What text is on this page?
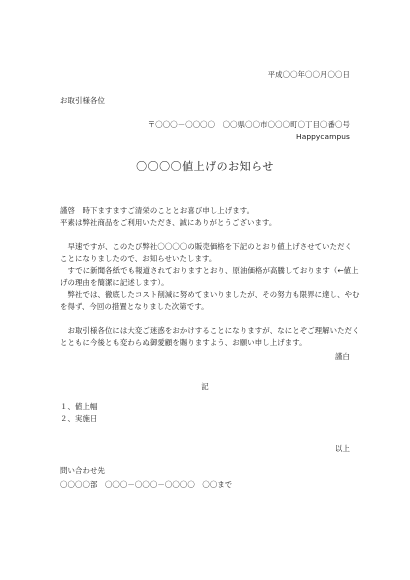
平成〇〇年〇〇月〇〇日
お取引様各位
〒〇〇〇－〇〇〇〇　〇〇県〇〇市〇〇〇町〇丁目〇番〇号
Happycampus
〇〇〇〇値上げのお知らせ
謹啓　時下ますますご清栄のこととお喜び申し上げます。
平素は弊社商品をご利用いただき、誠にありがとうございます。
　早速ですが、このたび弊社〇〇〇〇の販売価格を下記のとおり値上げさせていただく
ことになりましたので、お知らせいたします。
　すでに新聞各紙でも報道されておりますとおり、原油価格が高騰しております（←値上
げの理由を簡潔に記述します）。
　弊社では、徹底したコスト削減に努めてまいりましたが、その努力も限界に達し、やむ
を得ず、今回の措置となりました次第です。
　お取引様各位には大変ご迷惑をおかけすることになりますが、なにとぞご理解いただく
とともに今後とも変わらぬ御愛顧を賜りますよう、お願い申し上げます。
謹白
記
１、値上幅
２、実施日
以上
問い合わせ先
〇〇〇〇部　〇〇〇－〇〇〇－〇〇〇〇　〇〇まで
